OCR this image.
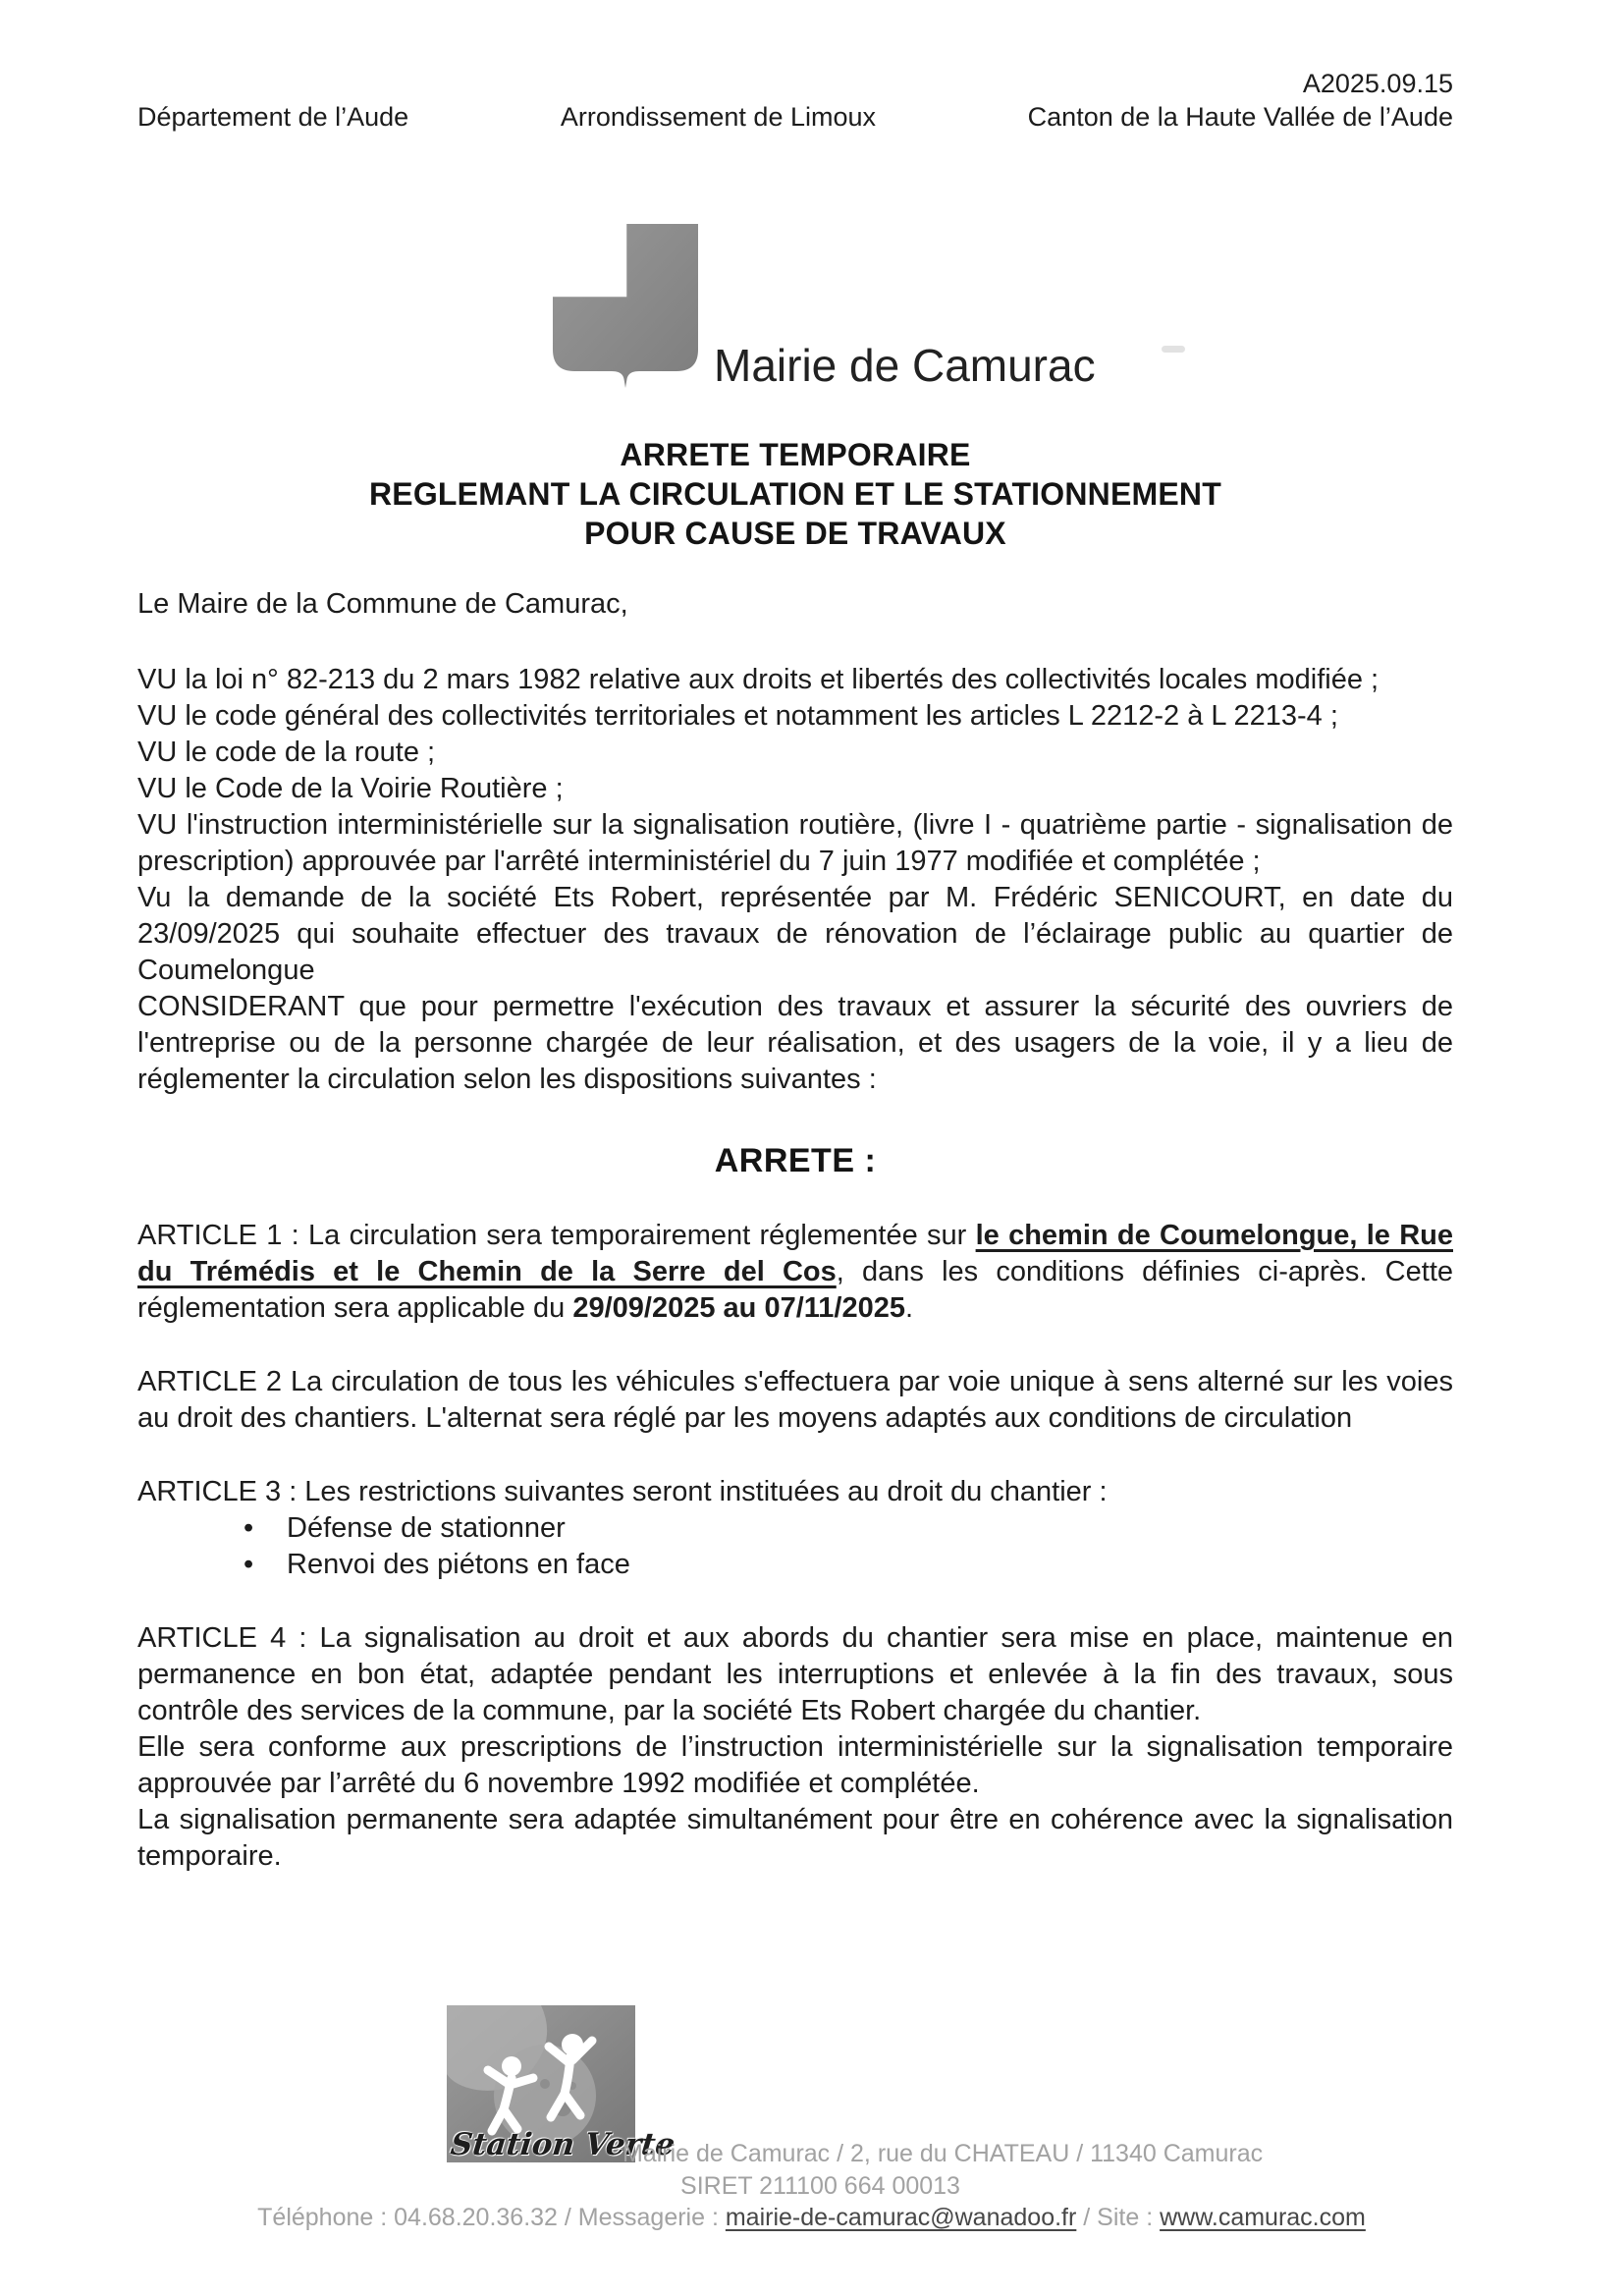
A2025.09.15
Département de l’Aude	Arrondissement de Limoux	Canton de la Haute Vallée de l’Aude
Mairie de Camurac
ARRETE TEMPORAIRE
REGLEMANT LA CIRCULATION ET LE STATIONNEMENT
POUR CAUSE DE TRAVAUX

Le Maire de la Commune de Camurac,

VU la loi n° 82-213 du 2 mars 1982 relative aux droits et libertés des collectivités locales modifiée ;

VU le code général des collectivités territoriales et notamment les articles L 2212-2 à L 2213-4 ;

VU le code de la route ;

VU le Code de la Voirie Routière ;

VU l'instruction interministérielle sur la signalisation routière, (livre I - quatrième partie - signalisation de prescription) approuvée par l'arrêté interministériel du 7 juin 1977 modifiée et complétée ;

Vu la demande de la société Ets Robert, représentée par M. Frédéric SENICOURT, en date du 23/09/2025 qui souhaite effectuer des travaux de rénovation de l’éclairage public au quartier de Coumelongue

CONSIDERANT que pour permettre l'exécution des travaux et assurer la sécurité des ouvriers de l'entreprise ou de la personne chargée de leur réalisation, et des usagers de la voie, il y a lieu de réglementer la circulation selon les dispositions suivantes :

ARRETE :

ARTICLE 1 : La circulation sera temporairement réglementée sur le chemin de Coumelongue, le Rue du Trémédis et le Chemin de la Serre del Cos, dans les conditions définies ci-après. Cette réglementation sera applicable du 29/09/2025 au 07/11/2025.

ARTICLE 2 La circulation de tous les véhicules s'effectuera par voie unique à sens alterné sur les voies au droit des chantiers. L'alternat sera réglé par les moyens adaptés aux conditions de circulation

ARTICLE 3 : Les restrictions suivantes seront instituées au droit du chantier :

• Défense de stationner
• Renvoi des piétons en face

ARTICLE 4 : La signalisation au droit et aux abords du chantier sera mise en place, maintenue en permanence en bon état, adaptée pendant les interruptions et enlevée à la fin des travaux, sous contrôle des services de la commune, par la société Ets Robert chargée du chantier.

Elle sera conforme aux prescriptions de l’instruction interministérielle sur la signalisation temporaire approuvée par l’arrêté du 6 novembre 1992 modifiée et complétée.

La signalisation permanente sera adaptée simultanément pour être en cohérence avec la signalisation temporaire.

Station Verte
Mairie de Camurac / 2, rue du CHATEAU / 11340 Camurac
SIRET 211100 664 00013
Téléphone : 04.68.20.36.32 / Messagerie : mairie-de-camurac@wanadoo.fr / Site : www.camurac.com
